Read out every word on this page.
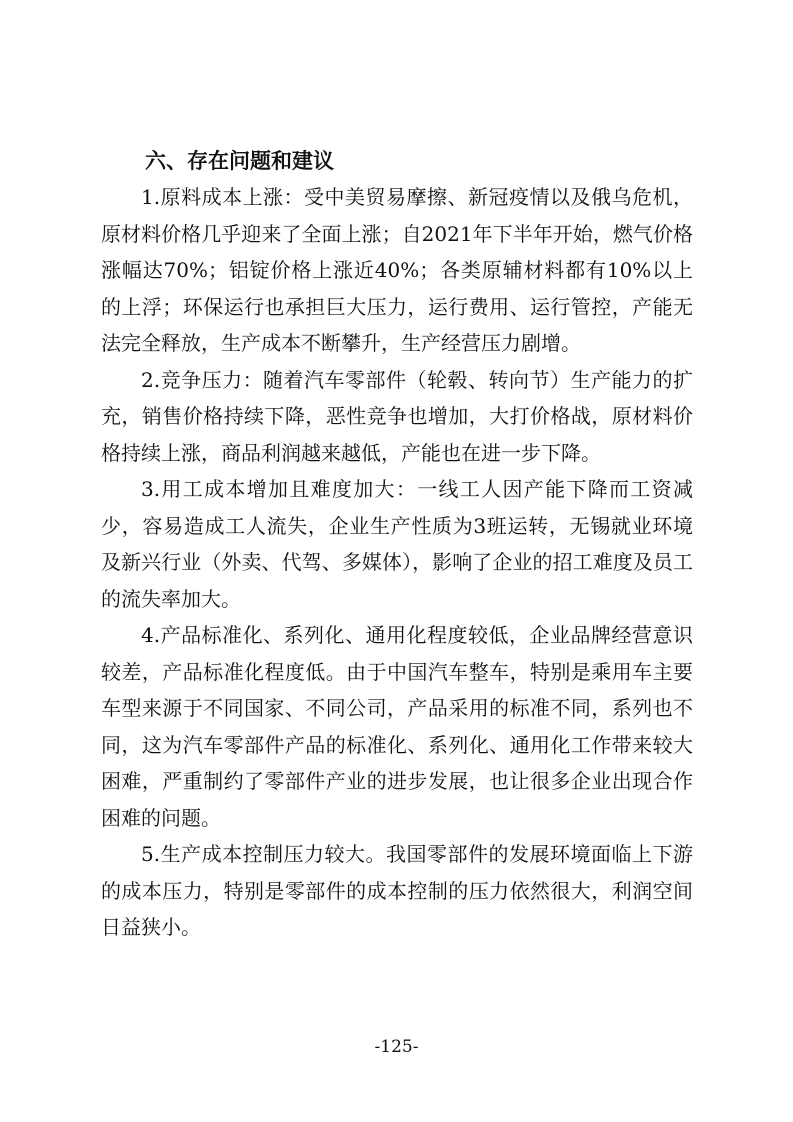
六、存在问题和建议

1.原料成本上涨：受中美贸易摩擦、新冠疫情以及俄乌危机，原材料价格几乎迎来了全面上涨；自2021年下半年开始，燃气价格涨幅达70%；铝锭价格上涨近40%；各类原辅材料都有10%以上的上浮；环保运行也承担巨大压力，运行费用、运行管控，产能无法完全释放，生产成本不断攀升，生产经营压力剧增。

2.竞争压力：随着汽车零部件（轮毂、转向节）生产能力的扩充，销售价格持续下降，恶性竞争也增加，大打价格战，原材料价格持续上涨，商品利润越来越低，产能也在进一步下降。

3.用工成本增加且难度加大：一线工人因产能下降而工资减少，容易造成工人流失，企业生产性质为3班运转，无锡就业环境及新兴行业（外卖、代驾、多媒体），影响了企业的招工难度及员工的流失率加大。

4.产品标准化、系列化、通用化程度较低，企业品牌经营意识较差，产品标准化程度低。由于中国汽车整车，特别是乘用车主要车型来源于不同国家、不同公司，产品采用的标准不同，系列也不同，这为汽车零部件产品的标准化、系列化、通用化工作带来较大困难，严重制约了零部件产业的进步发展，也让很多企业出现合作困难的问题。

5.生产成本控制压力较大。我国零部件的发展环境面临上下游的成本压力，特别是零部件的成本控制的压力依然很大，利润空间日益狭小。

-125-
